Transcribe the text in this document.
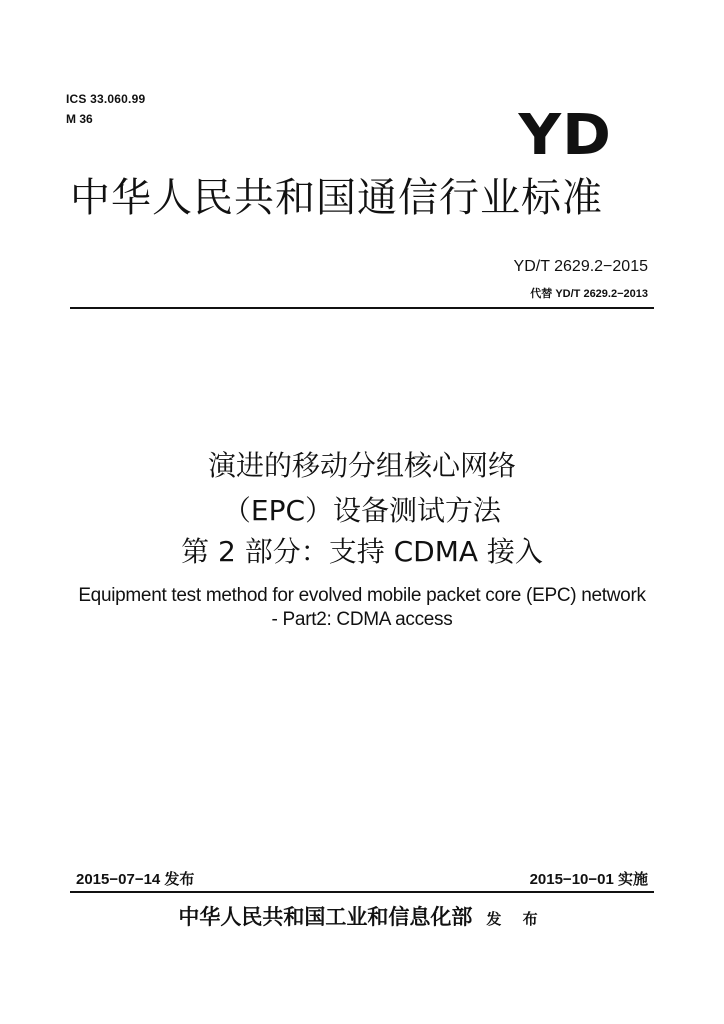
ICS 33.060.99
M 36	YD
中华人民共和国通信行业标准
YD/T 2629.2−2015
代替 YD/T 2629.2−2013
演进的移动分组核心网络
（EPC）设备测试方法
第 2 部分：支持 CDMA 接入
Equipment test method for evolved mobile packet core (EPC) network
- Part2: CDMA access
2015−07−14 发布	2015−10−01 实施
中华人民共和国工业和信息化部 发 布
